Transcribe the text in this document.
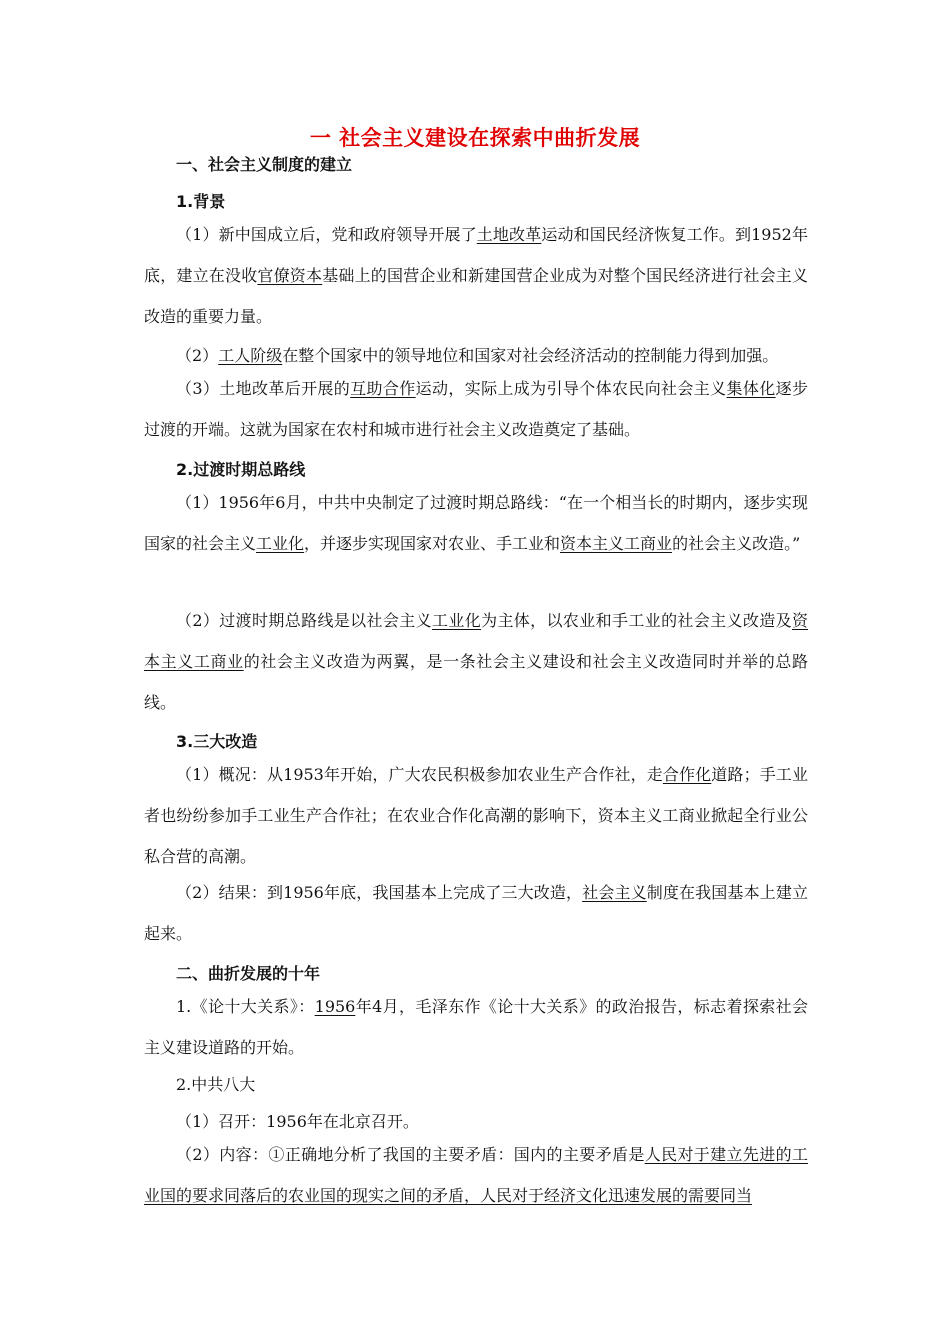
一 社会主义建设在探索中曲折发展
一、社会主义制度的建立
1.背景
（1）新中国成立后，党和政府领导开展了土地改革运动和国民经济恢复工作。到1952年底，建立在没收官僚资本基础上的国营企业和新建国营企业成为对整个国民经济进行社会主义改造的重要力量。
（2）工人阶级在整个国家中的领导地位和国家对社会经济活动的控制能力得到加强。
（3）土地改革后开展的互助合作运动，实际上成为引导个体农民向社会主义集体化逐步过渡的开端。这就为国家在农村和城市进行社会主义改造奠定了基础。
2.过渡时期总路线
（1）1956年6月，中共中央制定了过渡时期总路线：“在一个相当长的时期内，逐步实现国家的社会主义工业化，并逐步实现国家对农业、手工业和资本主义工商业的社会主义改造。”
（2）过渡时期总路线是以社会主义工业化为主体，以农业和手工业的社会主义改造及资本主义工商业的社会主义改造为两翼，是一条社会主义建设和社会主义改造同时并举的总路线。
3.三大改造
（1）概况：从1953年开始，广大农民积极参加农业生产合作社，走合作化道路；手工业者也纷纷参加手工业生产合作社；在农业合作化高潮的影响下，资本主义工商业掀起全行业公私合营的高潮。
（2）结果：到1956年底，我国基本上完成了三大改造，社会主义制度在我国基本上建立起来。
二、曲折发展的十年
1.《论十大关系》：1956年4月，毛泽东作《论十大关系》的政治报告，标志着探索社会主义建设道路的开始。
2.中共八大
（1）召开：1956年在北京召开。
（2）内容：①正确地分析了我国的主要矛盾：国内的主要矛盾是人民对于建立先进的工业国的要求同落后的农业国的现实之间的矛盾，人民对于经济文化迅速发展的需要同当
